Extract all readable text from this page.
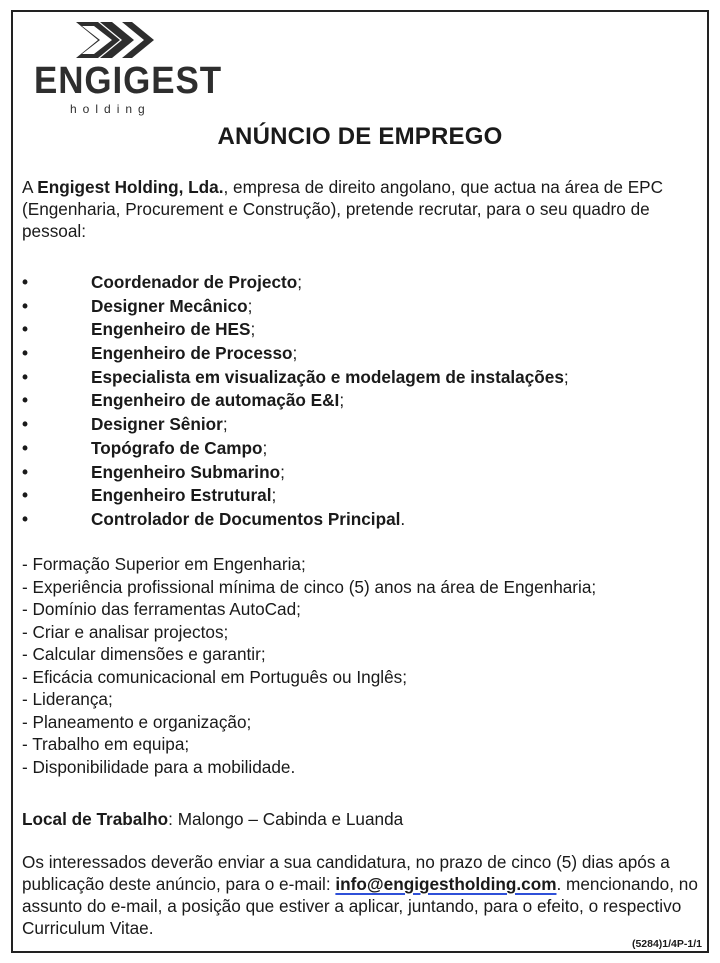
ENGIGEST
holding
ANÚNCIO DE EMPREGO
A Engigest Holding, Lda., empresa de direito angolano, que actua na área de EPC (Engenharia, Procurement e Construção), pretende recrutar, para o seu quadro de pessoal:
•	Coordenador de Projecto;
•	Designer Mecânico;
•	Engenheiro de HES;
•	Engenheiro de Processo;
•	Especialista em visualização e modelagem de instalações;
•	Engenheiro de automação E&I;
•	Designer Sênior;
•	Topógrafo de Campo;
•	Engenheiro Submarino;
•	Engenheiro Estrutural;
•	Controlador de Documentos Principal.
- Formação Superior em Engenharia;
- Experiência profissional mínima de cinco (5) anos na área de Engenharia;
- Domínio das ferramentas AutoCad;
- Criar e analisar projectos;
- Calcular dimensões e garantir;
- Eficácia comunicacional em Português ou Inglês;
- Liderança;
- Planeamento e organização;
- Trabalho em equipa;
- Disponibilidade para a mobilidade.
Local de Trabalho: Malongo – Cabinda e Luanda
Os interessados deverão enviar a sua candidatura, no prazo de cinco (5) dias após a publicação deste anúncio, para o e-mail: info@engigestholding.com. mencionando, no assunto do e-mail, a posição que estiver a aplicar, juntando, para o efeito, o respectivo Curriculum Vitae.
(5284)1/4P-1/1
